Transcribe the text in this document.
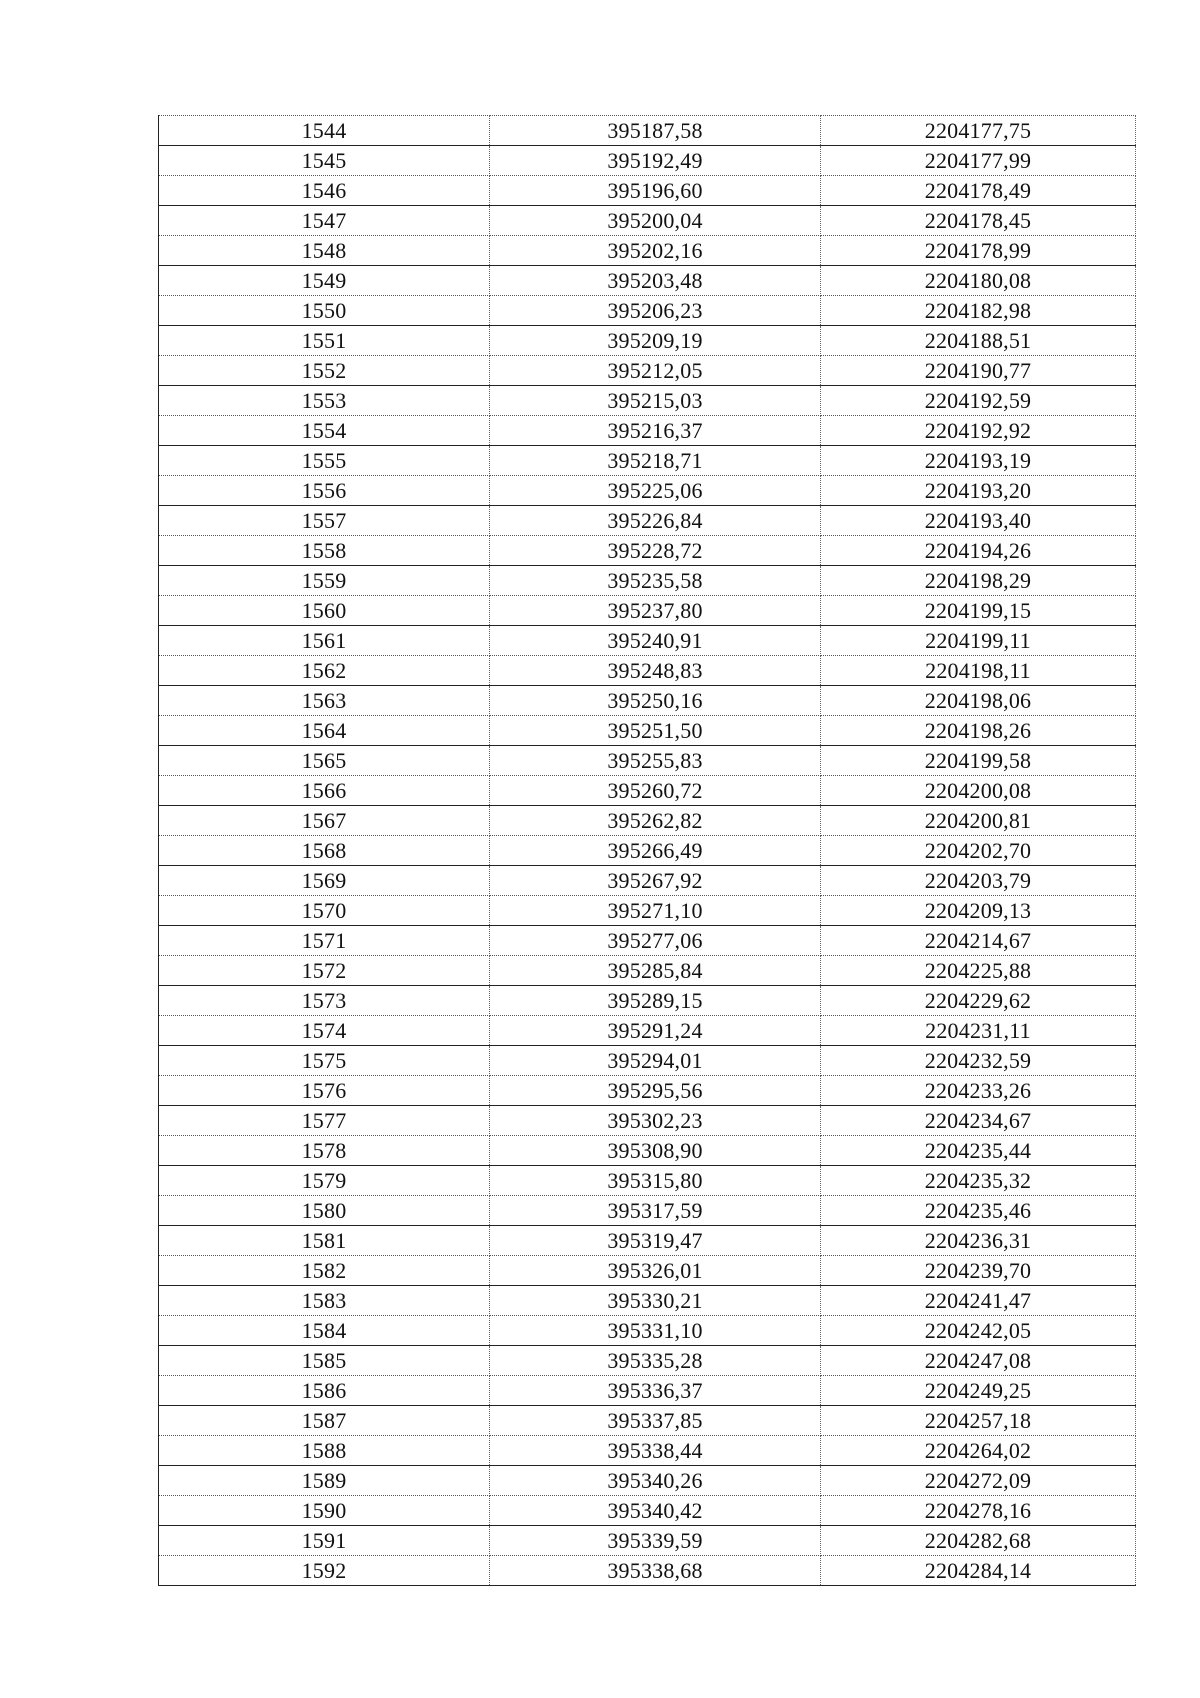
1544	395187,58	2204177,75
1545	395192,49	2204177,99
1546	395196,60	2204178,49
1547	395200,04	2204178,45
1548	395202,16	2204178,99
1549	395203,48	2204180,08
1550	395206,23	2204182,98
1551	395209,19	2204188,51
1552	395212,05	2204190,77
1553	395215,03	2204192,59
1554	395216,37	2204192,92
1555	395218,71	2204193,19
1556	395225,06	2204193,20
1557	395226,84	2204193,40
1558	395228,72	2204194,26
1559	395235,58	2204198,29
1560	395237,80	2204199,15
1561	395240,91	2204199,11
1562	395248,83	2204198,11
1563	395250,16	2204198,06
1564	395251,50	2204198,26
1565	395255,83	2204199,58
1566	395260,72	2204200,08
1567	395262,82	2204200,81
1568	395266,49	2204202,70
1569	395267,92	2204203,79
1570	395271,10	2204209,13
1571	395277,06	2204214,67
1572	395285,84	2204225,88
1573	395289,15	2204229,62
1574	395291,24	2204231,11
1575	395294,01	2204232,59
1576	395295,56	2204233,26
1577	395302,23	2204234,67
1578	395308,90	2204235,44
1579	395315,80	2204235,32
1580	395317,59	2204235,46
1581	395319,47	2204236,31
1582	395326,01	2204239,70
1583	395330,21	2204241,47
1584	395331,10	2204242,05
1585	395335,28	2204247,08
1586	395336,37	2204249,25
1587	395337,85	2204257,18
1588	395338,44	2204264,02
1589	395340,26	2204272,09
1590	395340,42	2204278,16
1591	395339,59	2204282,68
1592	395338,68	2204284,14
